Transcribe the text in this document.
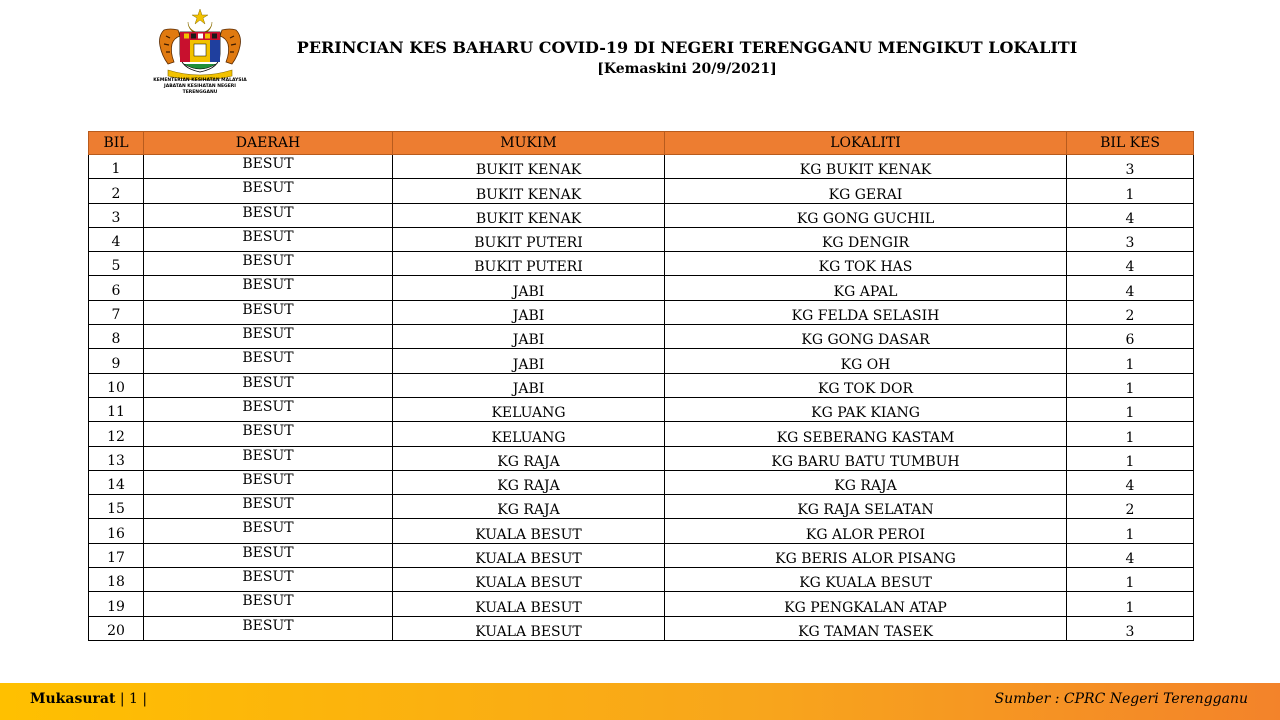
KEMENTERIAN KESIHATAN MALAYSIA
JABATAN KESIHATAN NEGERI TERENGGANU
PERINCIAN KES BAHARU COVID-19 DI NEGERI TERENGGANU MENGIKUT LOKALITI
[Kemaskini 20/9/2021]
BIL	DAERAH	MUKIM	LOKALITI	BIL KES
1	BESUT	BUKIT KENAK	KG BUKIT KENAK	3
2	BESUT	BUKIT KENAK	KG GERAI	1
3	BESUT	BUKIT KENAK	KG GONG GUCHIL	4
4	BESUT	BUKIT PUTERI	KG DENGIR	3
5	BESUT	BUKIT PUTERI	KG TOK HAS	4
6	BESUT	JABI	KG APAL	4
7	BESUT	JABI	KG FELDA SELASIH	2
8	BESUT	JABI	KG GONG DASAR	6
9	BESUT	JABI	KG OH	1
10	BESUT	JABI	KG TOK DOR	1
11	BESUT	KELUANG	KG PAK KIANG	1
12	BESUT	KELUANG	KG SEBERANG KASTAM	1
13	BESUT	KG RAJA	KG BARU BATU TUMBUH	1
14	BESUT	KG RAJA	KG RAJA	4
15	BESUT	KG RAJA	KG RAJA SELATAN	2
16	BESUT	KUALA BESUT	KG ALOR PEROI	1
17	BESUT	KUALA BESUT	KG BERIS ALOR PISANG	4
18	BESUT	KUALA BESUT	KG KUALA BESUT	1
19	BESUT	KUALA BESUT	KG PENGKALAN ATAP	1
20	BESUT	KUALA BESUT	KG TAMAN TASEK	3
Mukasurat | 1 |	Sumber : CPRC Negeri Terengganu
